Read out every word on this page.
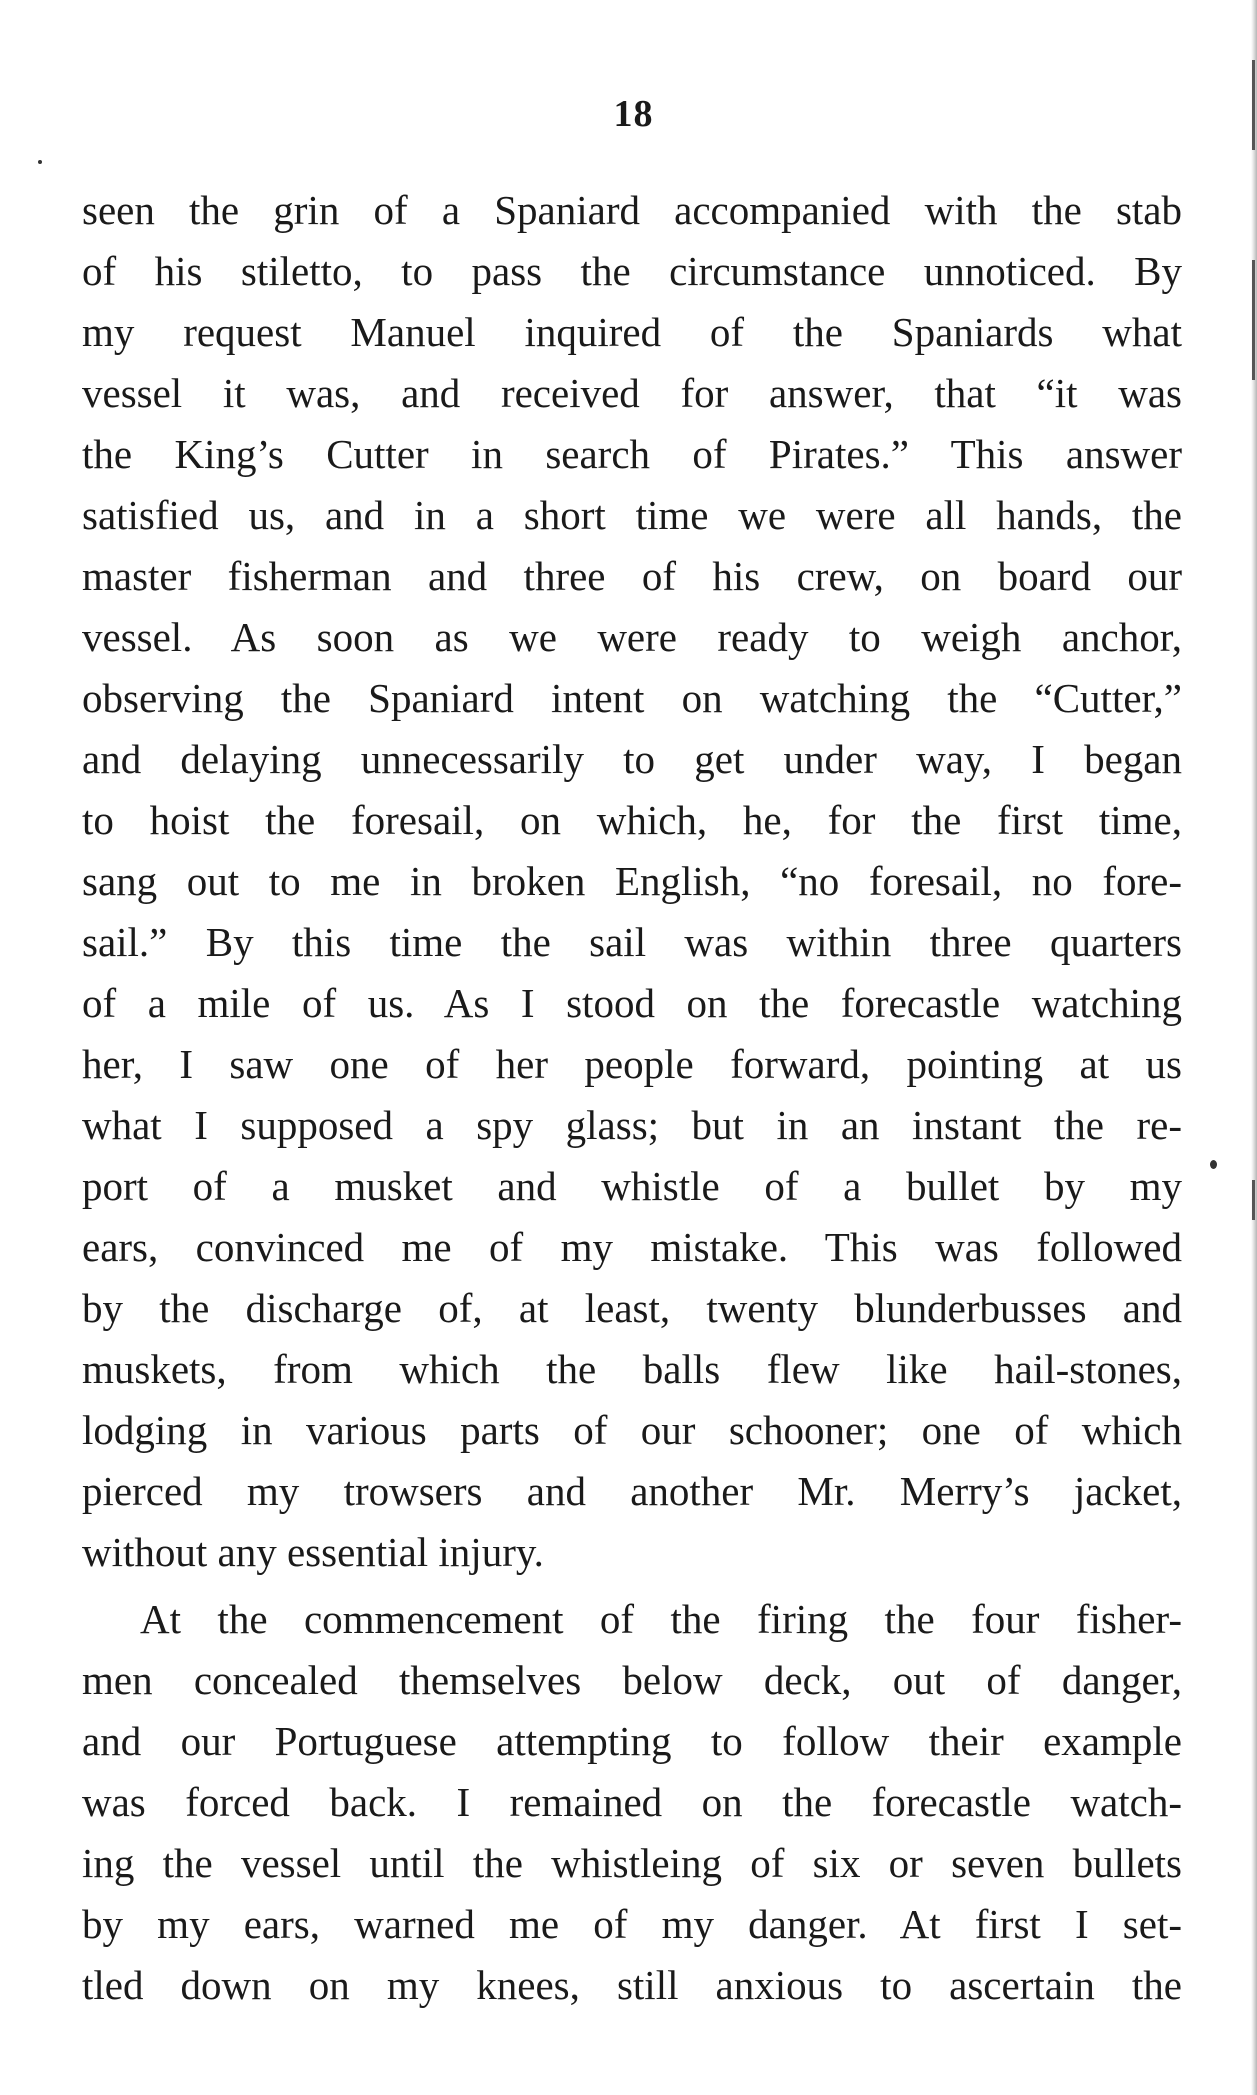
18
seen the grin of a Spaniard accompanied with the stab
of his stiletto, to pass the circumstance unnoticed. By
my request Manuel inquired of the Spaniards what
vessel it was, and received for answer, that “it was
the King’s Cutter in search of Pirates.” This answer
satisfied us, and in a short time we were all hands, the
master fisherman and three of his crew, on board our
vessel. As soon as we were ready to weigh anchor,
observing the Spaniard intent on watching the “Cutter,”
and delaying unnecessarily to get under way, I began
to hoist the foresail, on which, he, for the first time,
sang out to me in broken English, “no foresail, no fore-
sail.” By this time the sail was within three quarters
of a mile of us. As I stood on the forecastle watching
her, I saw one of her people forward, pointing at us
what I supposed a spy glass; but in an instant the re-
port of a musket and whistle of a bullet by my
ears, convinced me of my mistake. This was followed
by the discharge of, at least, twenty blunderbusses and
muskets, from which the balls flew like hail-stones,
lodging in various parts of our schooner; one of which
pierced my trowsers and another Mr. Merry’s jacket,
without any essential injury.
At the commencement of the firing the four fisher-
men concealed themselves below deck, out of danger,
and our Portuguese attempting to follow their example
was forced back. I remained on the forecastle watch-
ing the vessel until the whistleing of six or seven bullets
by my ears, warned me of my danger. At first I set-
tled down on my knees, still anxious to ascertain the
